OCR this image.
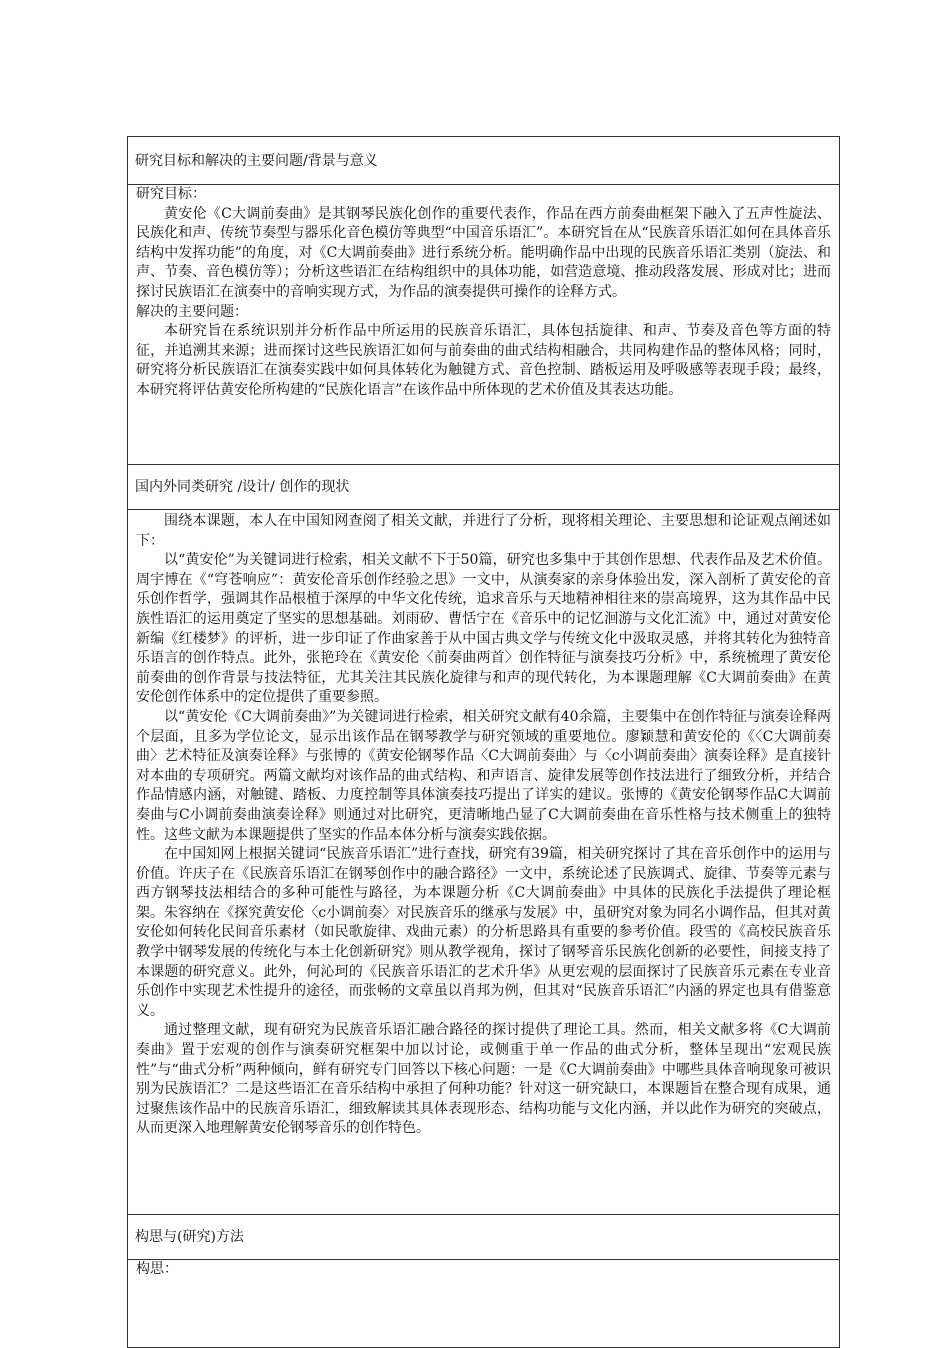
研究目标和解决的主要问题/背景与意义

研究目标：

黄安伦《C大调前奏曲》是其钢琴民族化创作的重要代表作，作品在西方前奏曲框架下融入了五声性旋法、民族化和声、传统节奏型与器乐化音色模仿等典型“中国音乐语汇”。本研究旨在从“民族音乐语汇如何在具体音乐结构中发挥功能”的角度，对《C大调前奏曲》进行系统分析。能明确作品中出现的民族音乐语汇类别（旋法、和声、节奏、音色模仿等）；分析这些语汇在结构组织中的具体功能，如营造意境、推动段落发展、形成对比；进而探讨民族语汇在演奏中的音响实现方式，为作品的演奏提供可操作的诠释方式。

解决的主要问题：

本研究旨在系统识别并分析作品中所运用的民族音乐语汇，具体包括旋律、和声、节奏及音色等方面的特征，并追溯其来源；进而探讨这些民族语汇如何与前奏曲的曲式结构相融合，共同构建作品的整体风格；同时，研究将分析民族语汇在演奏实践中如何具体转化为触键方式、音色控制、踏板运用及呼吸感等表现手段；最终，本研究将评估黄安伦所构建的“民族化语言”在该作品中所体现的艺术价值及其表达功能。

国内外同类研究 /设计/ 创作的现状

围绕本课题，本人在中国知网查阅了相关文献，并进行了分析，现将相关理论、主要思想和论证观点阐述如下：

以“黄安伦”为关键词进行检索，相关文献不下于50篇，研究也多集中于其创作思想、代表作品及艺术价值。周宇博在《“穹苍响应”：黄安伦音乐创作经验之思》一文中，从演奏家的亲身体验出发，深入剖析了黄安伦的音乐创作哲学，强调其作品根植于深厚的中华文化传统，追求音乐与天地精神相往来的崇高境界，这为其作品中民族性语汇的运用奠定了坚实的思想基础。刘雨矽、曹恬宁在《音乐中的记忆洄游与文化汇流》中，通过对黄安伦新编《红楼梦》的评析，进一步印证了作曲家善于从中国古典文学与传统文化中汲取灵感，并将其转化为独特音乐语言的创作特点。此外，张艳玲在《黄安伦〈前奏曲两首〉创作特征与演奏技巧分析》中，系统梳理了黄安伦前奏曲的创作背景与技法特征，尤其关注其民族化旋律与和声的现代转化，为本课题理解《C大调前奏曲》在黄安伦创作体系中的定位提供了重要参照。

以“黄安伦《C大调前奏曲》”为关键词进行检索，相关研究文献有40余篇，主要集中在创作特征与演奏诠释两个层面，且多为学位论文，显示出该作品在钢琴教学与研究领域的重要地位。廖颖慧和黄安伦的《〈C大调前奏曲〉艺术特征及演奏诠释》与张博的《黄安伦钢琴作品〈C大调前奏曲〉与〈c小调前奏曲〉演奏诠释》是直接针对本曲的专项研究。两篇文献均对该作品的曲式结构、和声语言、旋律发展等创作技法进行了细致分析，并结合作品情感内涵，对触键、踏板、力度控制等具体演奏技巧提出了详实的建议。张博的《黄安伦钢琴作品C大调前奏曲与C小调前奏曲演奏诠释》则通过对比研究，更清晰地凸显了C大调前奏曲在音乐性格与技术侧重上的独特性。这些文献为本课题提供了坚实的作品本体分析与演奏实践依据。

在中国知网上根据关键词“民族音乐语汇”进行查找，研究有39篇，相关研究探讨了其在音乐创作中的运用与价值。许庆子在《民族音乐语汇在钢琴创作中的融合路径》一文中，系统论述了民族调式、旋律、节奏等元素与西方钢琴技法相结合的多种可能性与路径，为本课题分析《C大调前奏曲》中具体的民族化手法提供了理论框架。朱容纳在《探究黄安伦〈c小调前奏〉对民族音乐的继承与发展》中，虽研究对象为同名小调作品，但其对黄安伦如何转化民间音乐素材（如民歌旋律、戏曲元素）的分析思路具有重要的参考价值。段雪的《高校民族音乐教学中钢琴发展的传统化与本土化创新研究》则从教学视角，探讨了钢琴音乐民族化创新的必要性，间接支持了本课题的研究意义。此外，何沁珂的《民族音乐语汇的艺术升华》从更宏观的层面探讨了民族音乐元素在专业音乐创作中实现艺术性提升的途径，而张畅的文章虽以肖邦为例，但其对“民族音乐语汇”内涵的界定也具有借鉴意义。

通过整理文献，现有研究为民族音乐语汇融合路径的探讨提供了理论工具。然而，相关文献多将《C大调前奏曲》置于宏观的创作与演奏研究框架中加以讨论，或侧重于单一作品的曲式分析，整体呈现出“宏观民族性”与“曲式分析”两种倾向，鲜有研究专门回答以下核心问题：一是《C大调前奏曲》中哪些具体音响现象可被识别为民族语汇？二是这些语汇在音乐结构中承担了何种功能？针对这一研究缺口，本课题旨在整合现有成果，通过聚焦该作品中的民族音乐语汇，细致解读其具体表现形态、结构功能与文化内涵，并以此作为研究的突破点，从而更深入地理解黄安伦钢琴音乐的创作特色。

构思与(研究)方法

构思：
